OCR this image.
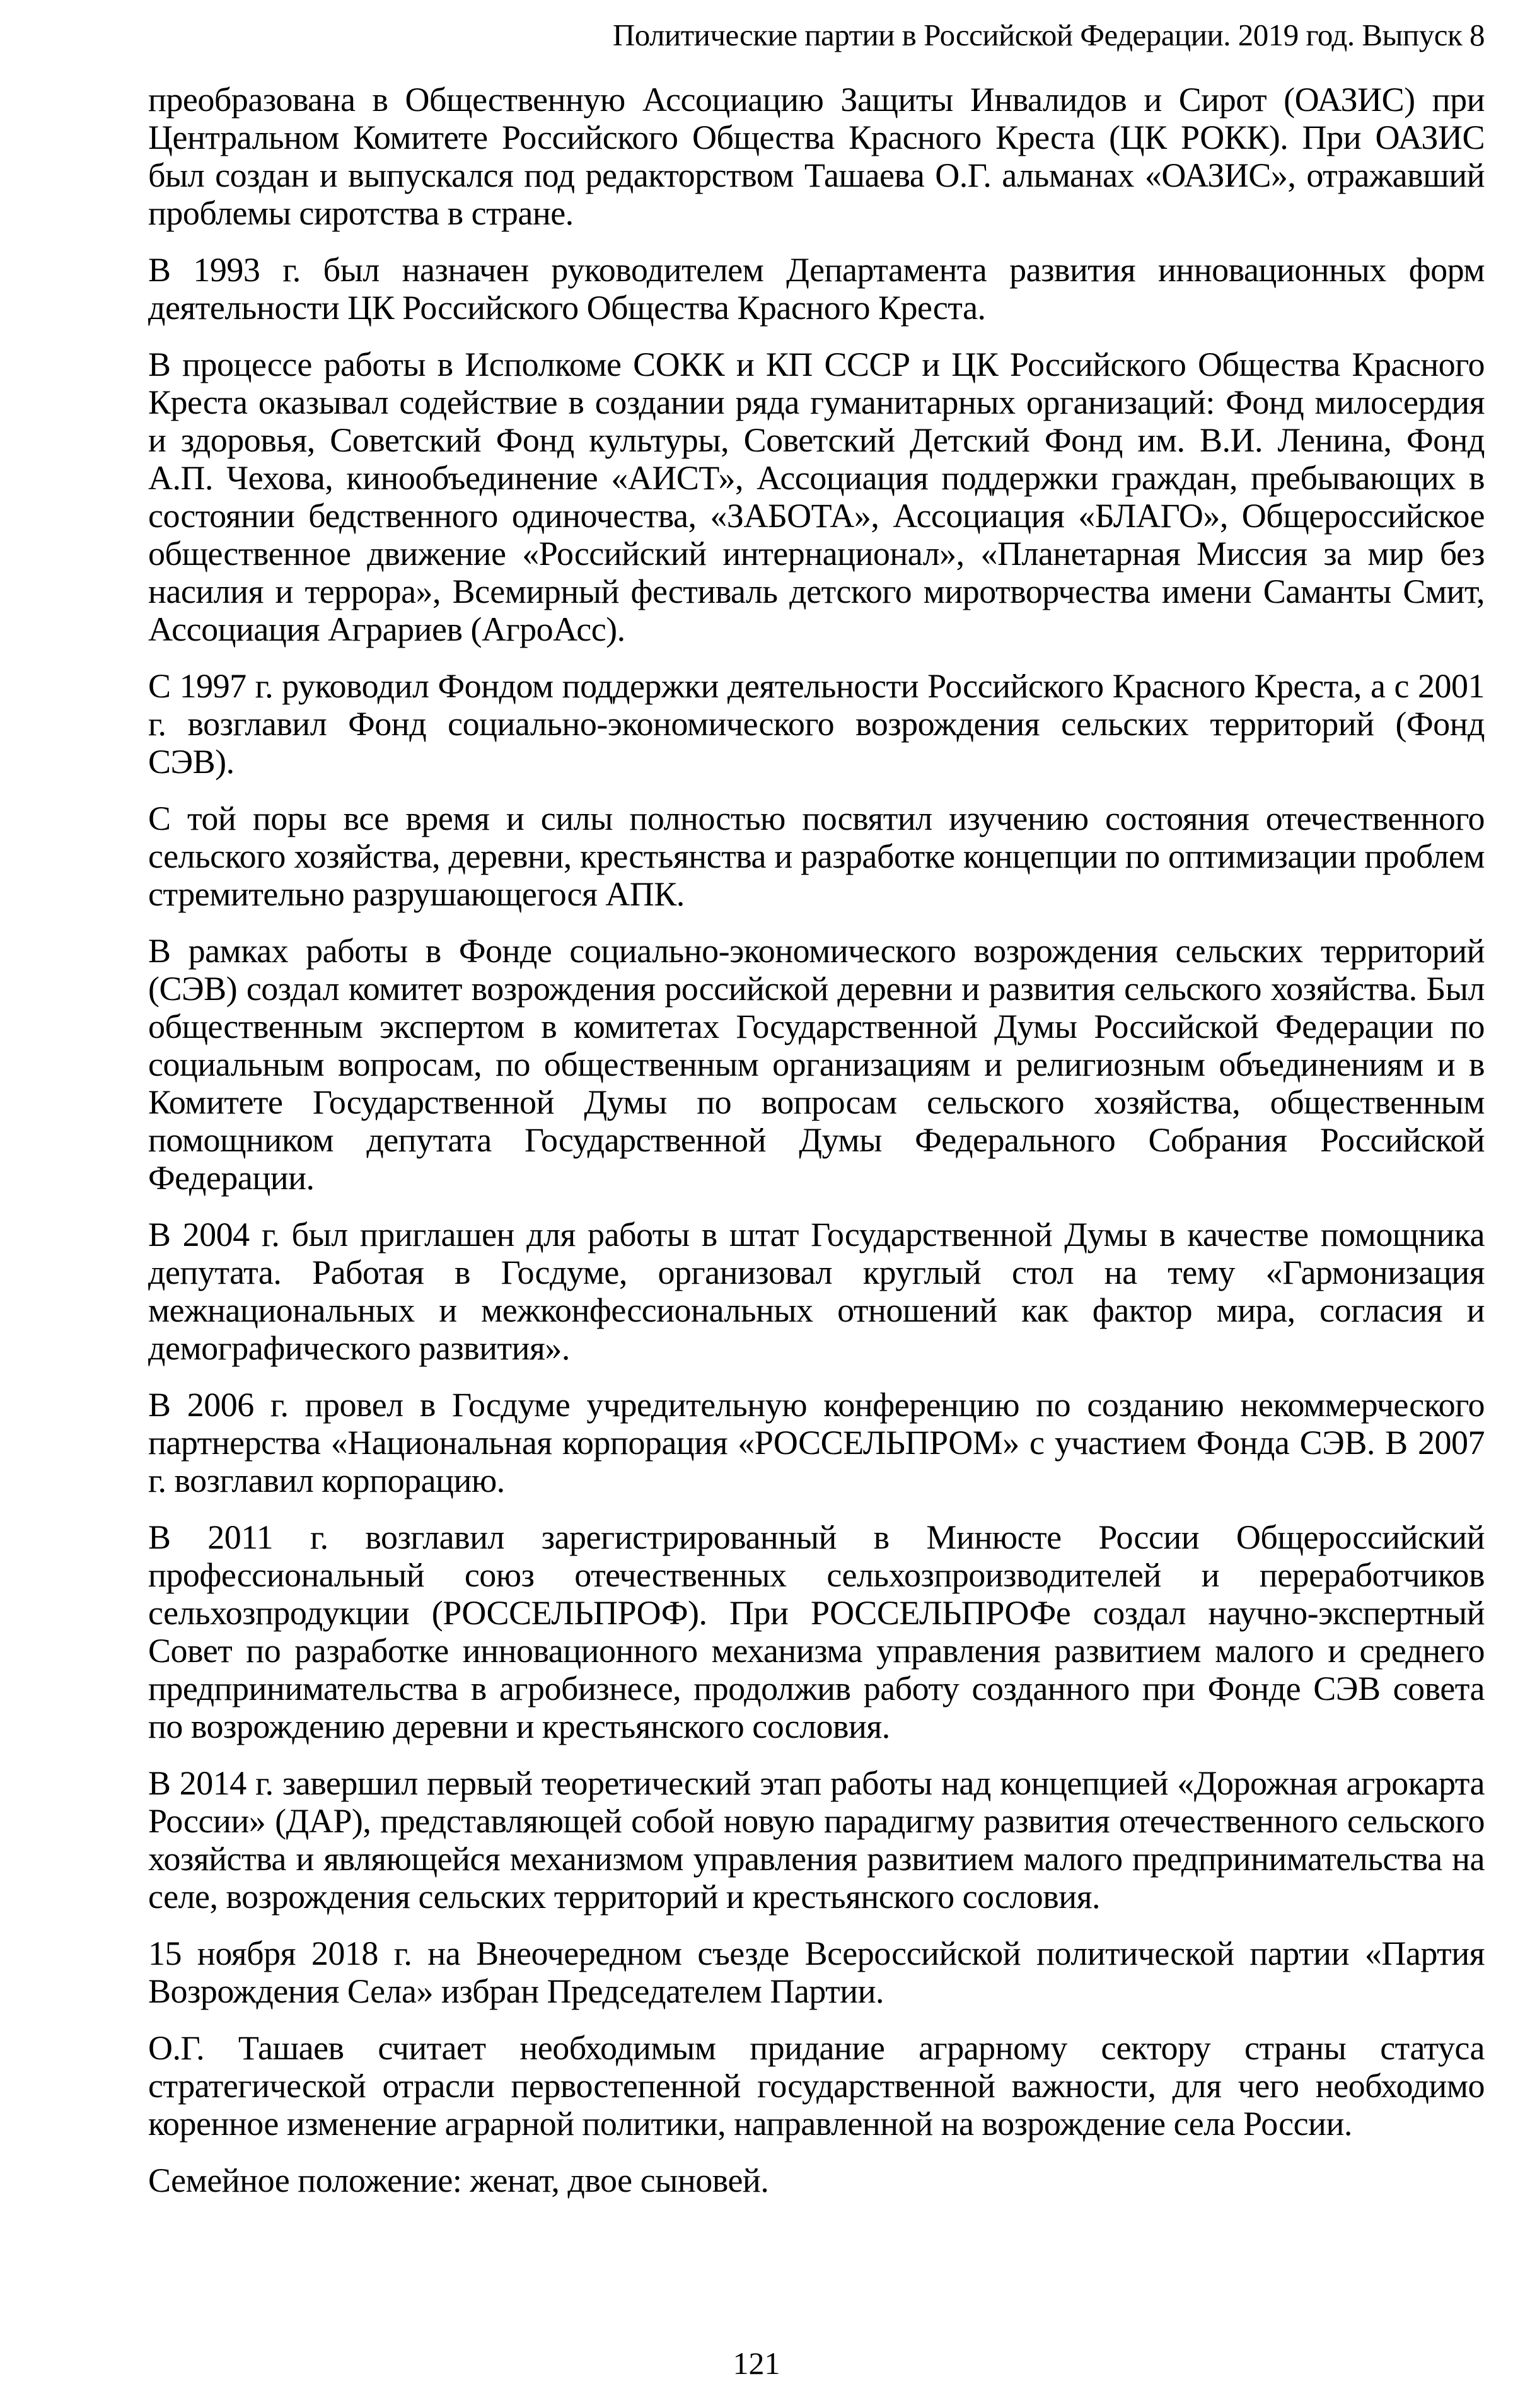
Политические партии в Российской Федерации. 2019 год. Выпуск 8

преобразована в Общественную Ассоциацию Защиты Инвалидов и Сирот (ОАЗИС) при Центральном Комитете Российского Общества Красного Креста (ЦК РОКК). При ОАЗИС был создан и выпускался под редакторством Ташаева О.Г. альманах «ОАЗИС», отражавший проблемы сиротства в стране.

В 1993 г. был назначен руководителем Департамента развития инновационных форм деятельности ЦК Российского Общества Красного Креста.

В процессе работы в Исполкоме СОКК и КП СССР и ЦК Российского Общества Красного Креста оказывал содействие в создании ряда гуманитарных организаций: Фонд милосердия и здоровья, Советский Фонд культуры, Советский Детский Фонд им. В.И. Ленина, Фонд А.П. Чехова, кинообъединение «АИСТ», Ассоциация поддержки граждан, пребывающих в состоянии бедственного одиночества, «ЗАБОТА», Ассоциация «БЛАГО», Общероссийское общественное движение «Российский интернационал», «Планетарная Миссия за мир без насилия и террора», Всемирный фестиваль детского миротворчества имени Саманты Смит, Ассоциация Аграриев (АгроАсс).

С 1997 г. руководил Фондом поддержки деятельности Российского Красного Креста, а с 2001 г. возглавил Фонд социально-экономического возрождения сельских территорий (Фонд СЭВ).

С той поры все время и силы полностью посвятил изучению состояния отечественного сельского хозяйства, деревни, крестьянства и разработке концепции по оптимизации проблем стремительно разрушающегося АПК.

В рамках работы в Фонде социально-экономического возрождения сельских территорий (СЭВ) создал комитет возрождения российской деревни и развития сельского хозяйства. Был общественным экспертом в комитетах Государственной Думы Российской Федерации по социальным вопросам, по общественным организациям и религиозным объединениям и в Комитете Государственной Думы по вопросам сельского хозяйства, общественным помощником депутата Государственной Думы Федерального Собрания Российской Федерации.

В 2004 г. был приглашен для работы в штат Государственной Думы в качестве помощника депутата. Работая в Госдуме, организовал круглый стол на тему «Гармонизация межнациональных и межконфессиональных отношений как фактор мира, согласия и демографического развития».

В 2006 г. провел в Госдуме учредительную конференцию по созданию некоммерческого партнерства «Национальная корпорация «РОССЕЛЬПРОМ» с участием Фонда СЭВ. В 2007 г. возглавил корпорацию.

В 2011 г. возглавил зарегистрированный в Минюсте России Общероссийский профессиональный союз отечественных сельхозпроизводителей и переработчиков сельхозпродукции (РОССЕЛЬПРОФ). При РОССЕЛЬПРОФе создал научно-экспертный Совет по разработке инновационного механизма управления развитием малого и среднего предпринимательства в агробизнесе, продолжив работу созданного при Фонде СЭВ совета по возрождению деревни и крестьянского сословия.

В 2014 г. завершил первый теоретический этап работы над концепцией «Дорожная агрокарта России» (ДАР), представляющей собой новую парадигму развития отечественного сельского хозяйства и являющейся механизмом управления развитием малого предпринимательства на селе, возрождения сельских территорий и крестьянского сословия.

15 ноября 2018 г. на Внеочередном съезде Всероссийской политической партии «Партия Возрождения Села» избран Председателем Партии.

О.Г. Ташаев считает необходимым придание аграрному сектору страны статуса стратегической отрасли первостепенной государственной важности, для чего необходимо коренное изменение аграрной политики, направленной на возрождение села России.

Семейное положение: женат, двое сыновей.

121
